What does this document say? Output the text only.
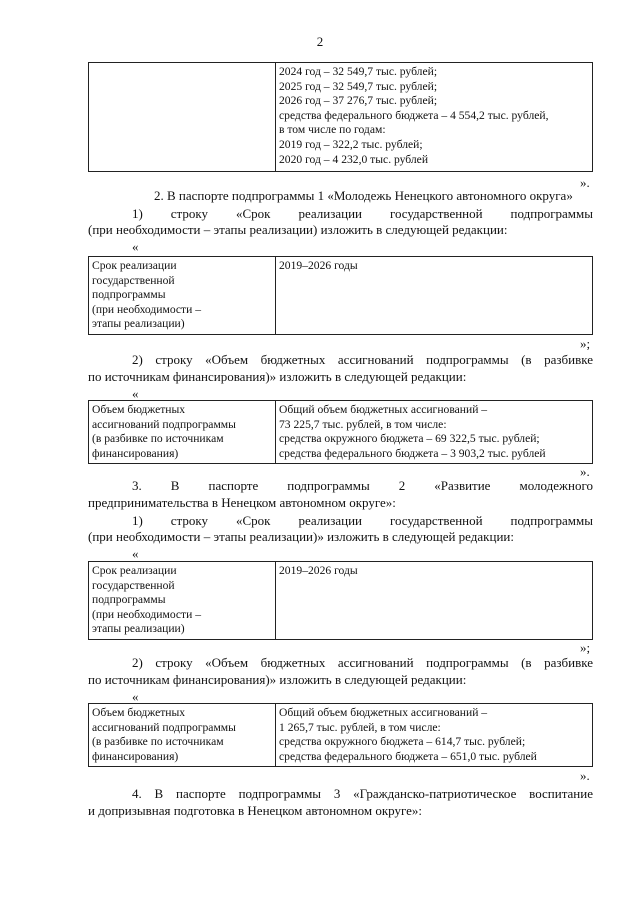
2

2024 год – 32 549,7 тыс. рублей;
2025 год – 32 549,7 тыс. рублей;
2026 год – 37 276,7 тыс. рублей;
средства федерального бюджета – 4 554,2 тыс. рублей,
в том числе по годам:
2019 год – 322,2 тыс. рублей;
2020 год – 4 232,0 тыс. рублей
».
2. В паспорте подпрограммы 1 «Молодежь Ненецкого автономного округа»
1) строку «Срок реализации государственной подпрограммы
(при необходимости – этапы реализации) изложить в следующей редакции:
«
Срок реализации
государственной
подпрограммы
(при необходимости –
этапы реализации)

2019–2026 годы
»;
2) строку «Объем бюджетных ассигнований подпрограммы (в разбивке
по источникам финансирования)» изложить в следующей редакции:
«
Объем бюджетных
ассигнований подпрограммы
(в разбивке по источникам
финансирования)

Общий объем бюджетных ассигнований –
73 225,7 тыс. рублей, в том числе:
средства окружного бюджета – 69 322,5 тыс. рублей;
средства федерального бюджета – 3 903,2 тыс. рублей
».
3. В паспорте подпрограммы 2 «Развитие молодежного
предпринимательства в Ненецком автономном округе»:
1) строку «Срок реализации государственной подпрограммы
(при необходимости – этапы реализации)» изложить в следующей редакции:
«
Срок реализации
государственной
подпрограммы
(при необходимости –
этапы реализации)

2019–2026 годы
»;
2) строку «Объем бюджетных ассигнований подпрограммы (в разбивке
по источникам финансирования)» изложить в следующей редакции:
«
Объем бюджетных
ассигнований подпрограммы
(в разбивке по источникам
финансирования)

Общий объем бюджетных ассигнований –
1 265,7 тыс. рублей, в том числе:
средства окружного бюджета – 614,7 тыс. рублей;
средства федерального бюджета – 651,0 тыс. рублей
».
4. В паспорте подпрограммы 3 «Гражданско-патриотическое воспитание
и допризывная подготовка в Ненецком автономном округе»:
